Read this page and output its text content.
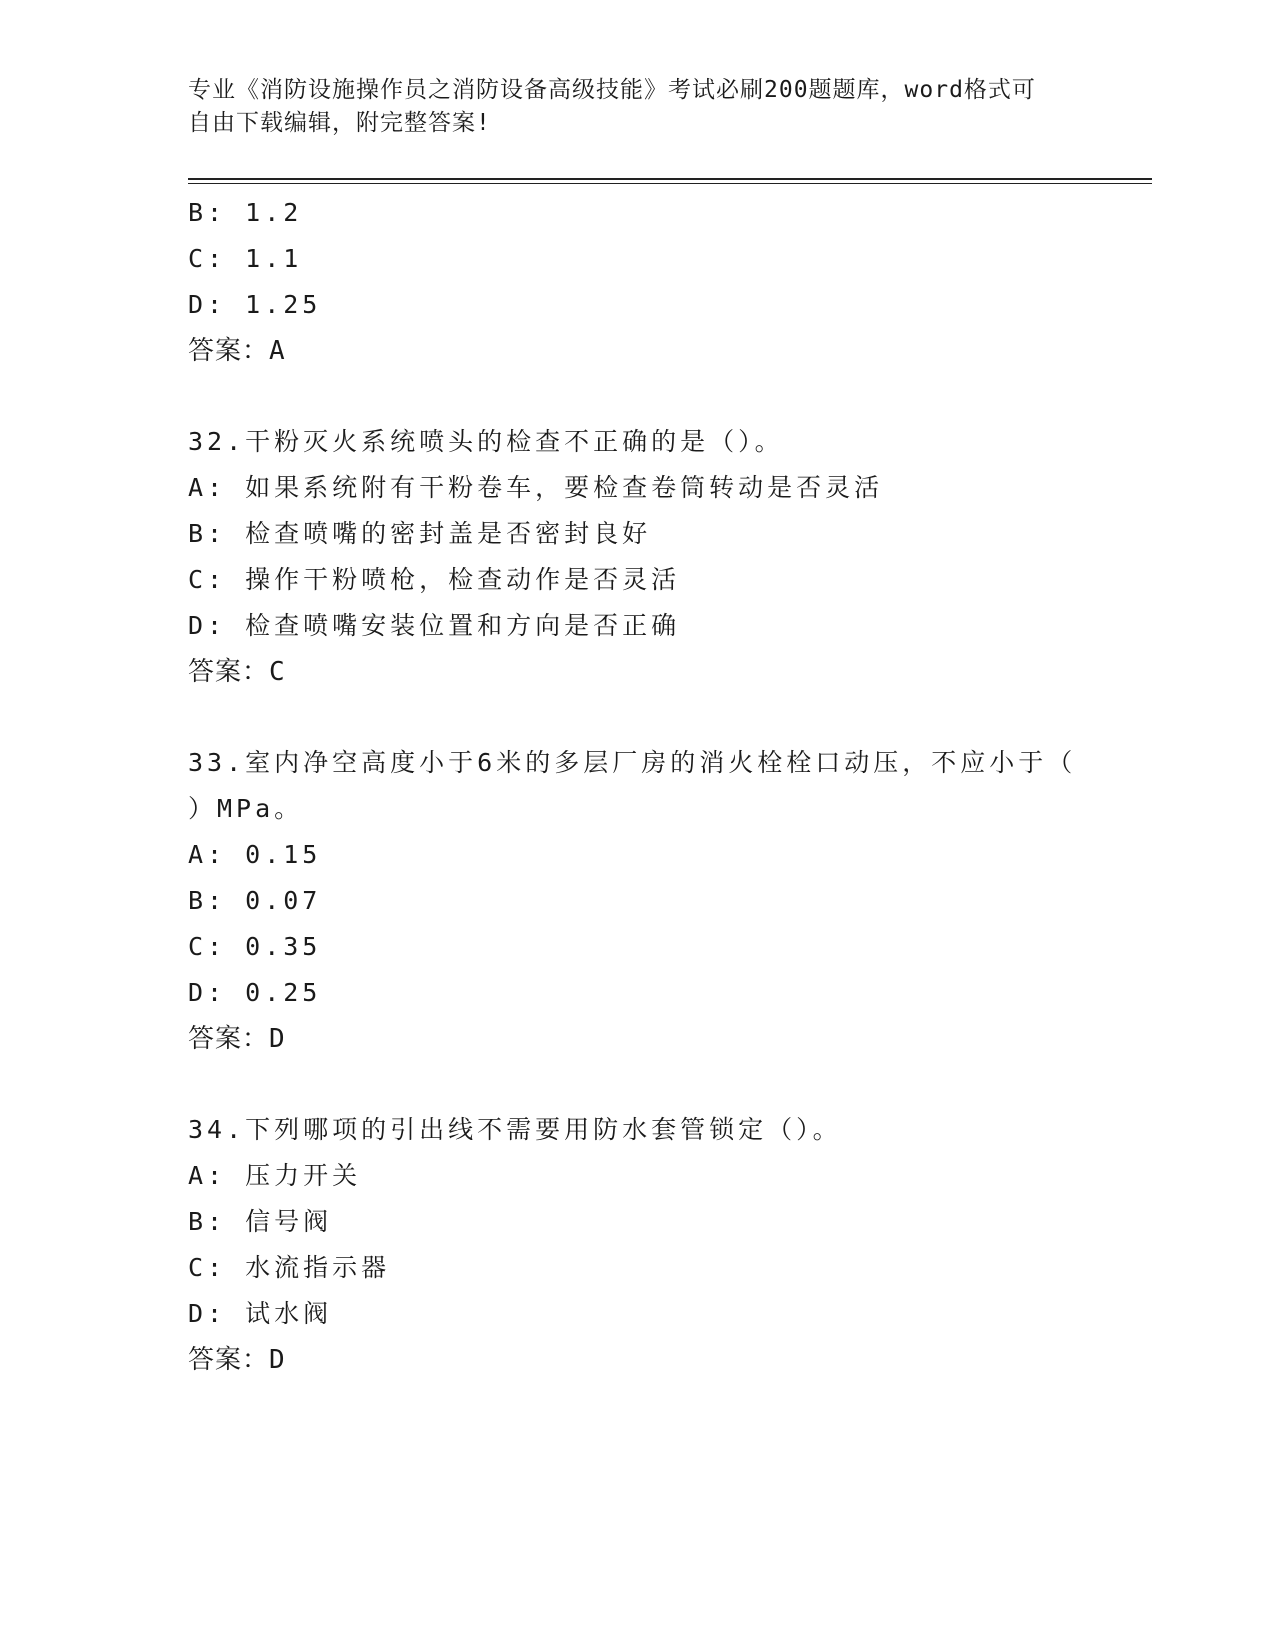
专业《消防设施操作员之消防设备高级技能》考试必刷200题题库，word格式可
自由下载编辑，附完整答案!
B: 1.2
C: 1.1
D: 1.25
答案：A
32.干粉灭火系统喷头的检查不正确的是（）。
A: 如果系统附有干粉卷车，要检查卷筒转动是否灵活
B: 检查喷嘴的密封盖是否密封良好
C: 操作干粉喷枪，检查动作是否灵活
D: 检查喷嘴安装位置和方向是否正确
答案：C
33.室内净空高度小于6米的多层厂房的消火栓栓口动压，不应小于（
）MPa。
A: 0.15
B: 0.07
C: 0.35
D: 0.25
答案：D
34.下列哪项的引出线不需要用防水套管锁定（）。
A: 压力开关
B: 信号阀
C: 水流指示器
D: 试水阀
答案：D
